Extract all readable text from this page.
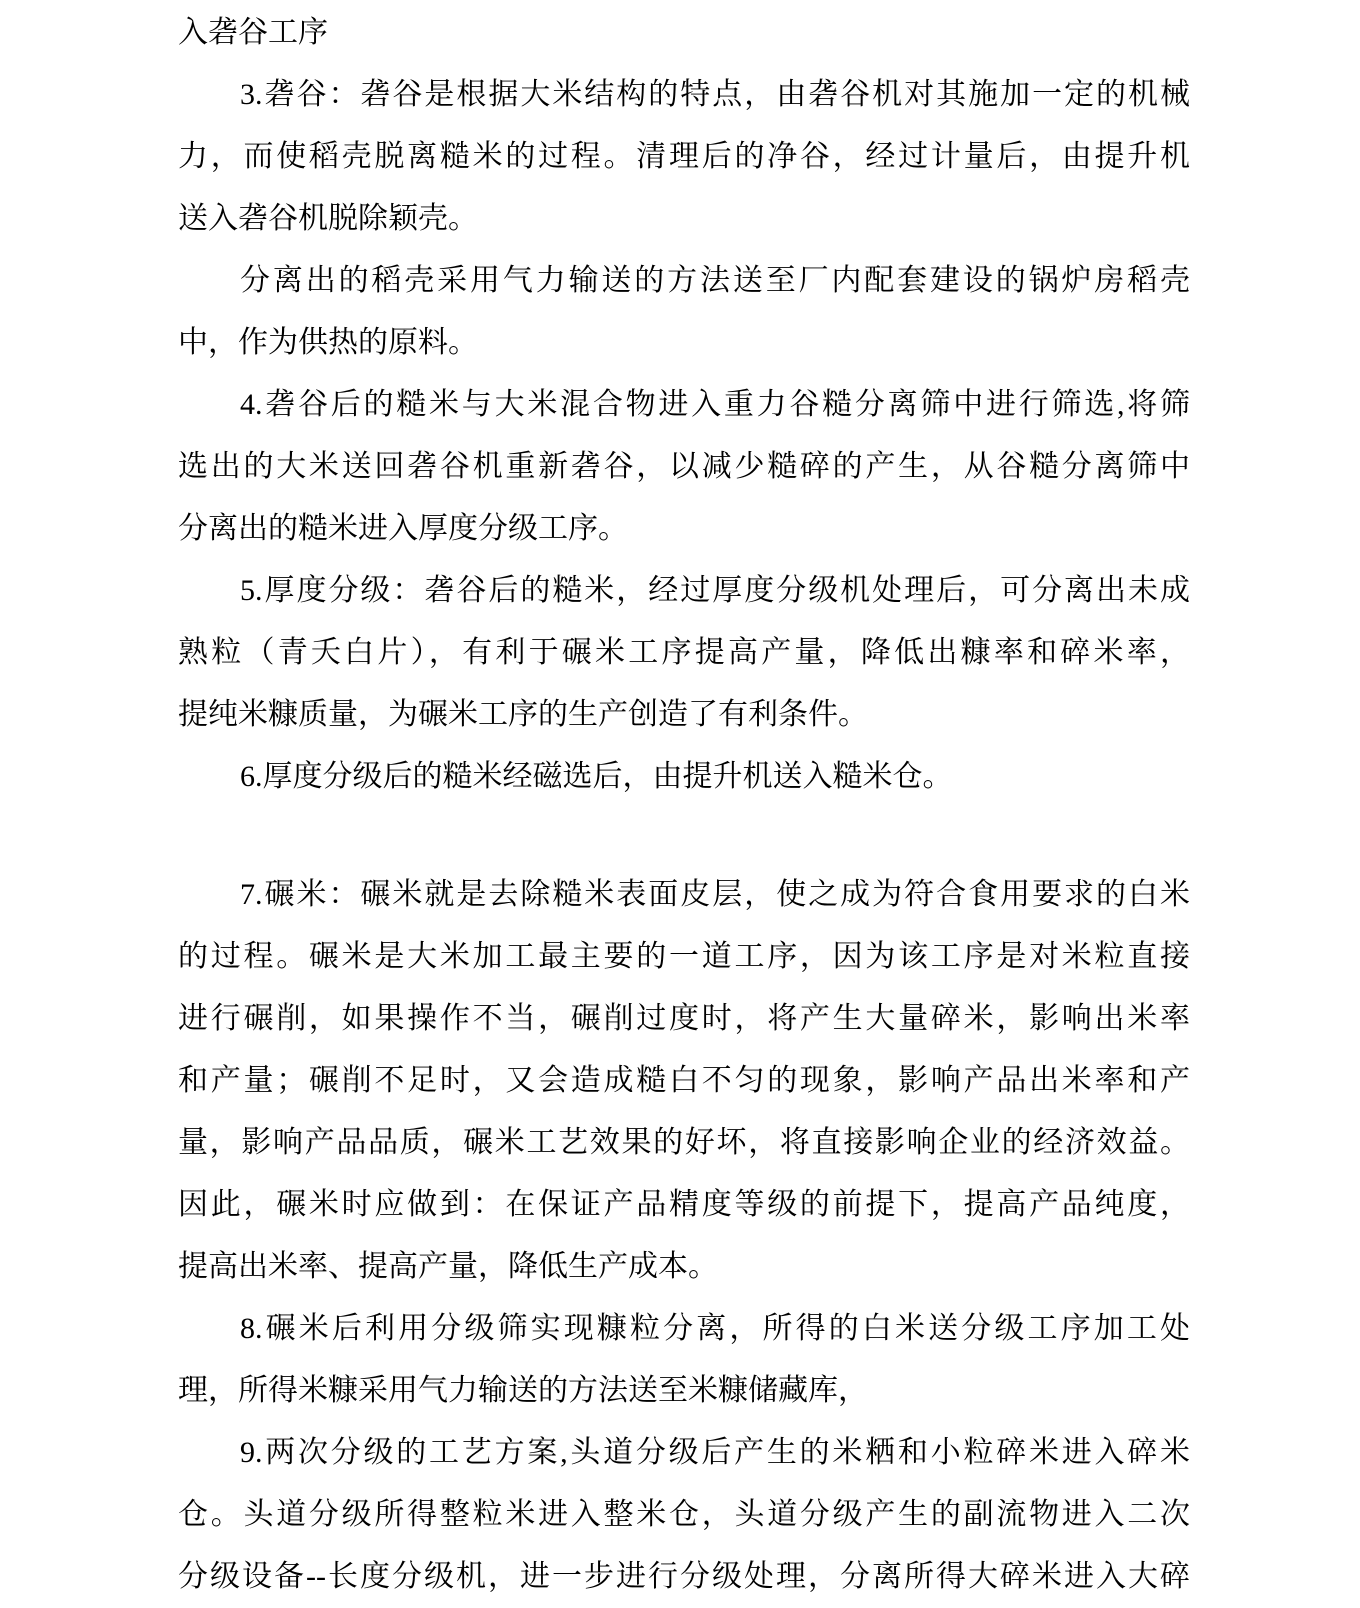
入砻谷工序
3.砻谷：砻谷是根据大米结构的特点，由砻谷机对其施加一定的机械
力，而使稻壳脱离糙米的过程。清理后的净谷，经过计量后，由提升机
送入砻谷机脱除颖壳。
分离出的稻壳采用气力输送的方法送至厂内配套建设的锅炉房稻壳
中，作为供热的原料。
4.砻谷后的糙米与大米混合物进入重力谷糙分离筛中进行筛选,将筛
选出的大米送回砻谷机重新砻谷，以减少糙碎的产生，从谷糙分离筛中
分离出的糙米进入厚度分级工序。
5.厚度分级：砻谷后的糙米，经过厚度分级机处理后，可分离出未成
熟粒（青夭白片），有利于碾米工序提高产量，降低出糠率和碎米率，
提纯米糠质量，为碾米工序的生产创造了有利条件。
6.厚度分级后的糙米经磁选后，由提升机送入糙米仓。
7.碾米：碾米就是去除糙米表面皮层，使之成为符合食用要求的白米
的过程。碾米是大米加工最主要的一道工序，因为该工序是对米粒直接
进行碾削，如果操作不当，碾削过度时，将产生大量碎米，影响出米率
和产量；碾削不足时，又会造成糙白不匀的现象，影响产品出米率和产
量，影响产品品质，碾米工艺效果的好坏，将直接影响企业的经济效益。
因此，碾米时应做到：在保证产品精度等级的前提下，提高产品纯度，
提高出米率、提高产量，降低生产成本。
8.碾米后利用分级筛实现糠粒分离，所得的白米送分级工序加工处
理，所得米糠采用气力输送的方法送至米糠储藏库，
9.两次分级的工艺方案,头道分级后产生的米粞和小粒碎米进入碎米
仓。头道分级所得整粒米进入整米仓，头道分级产生的副流物进入二次
分级设备--长度分级机，进一步进行分级处理，分离所得大碎米进入大碎
